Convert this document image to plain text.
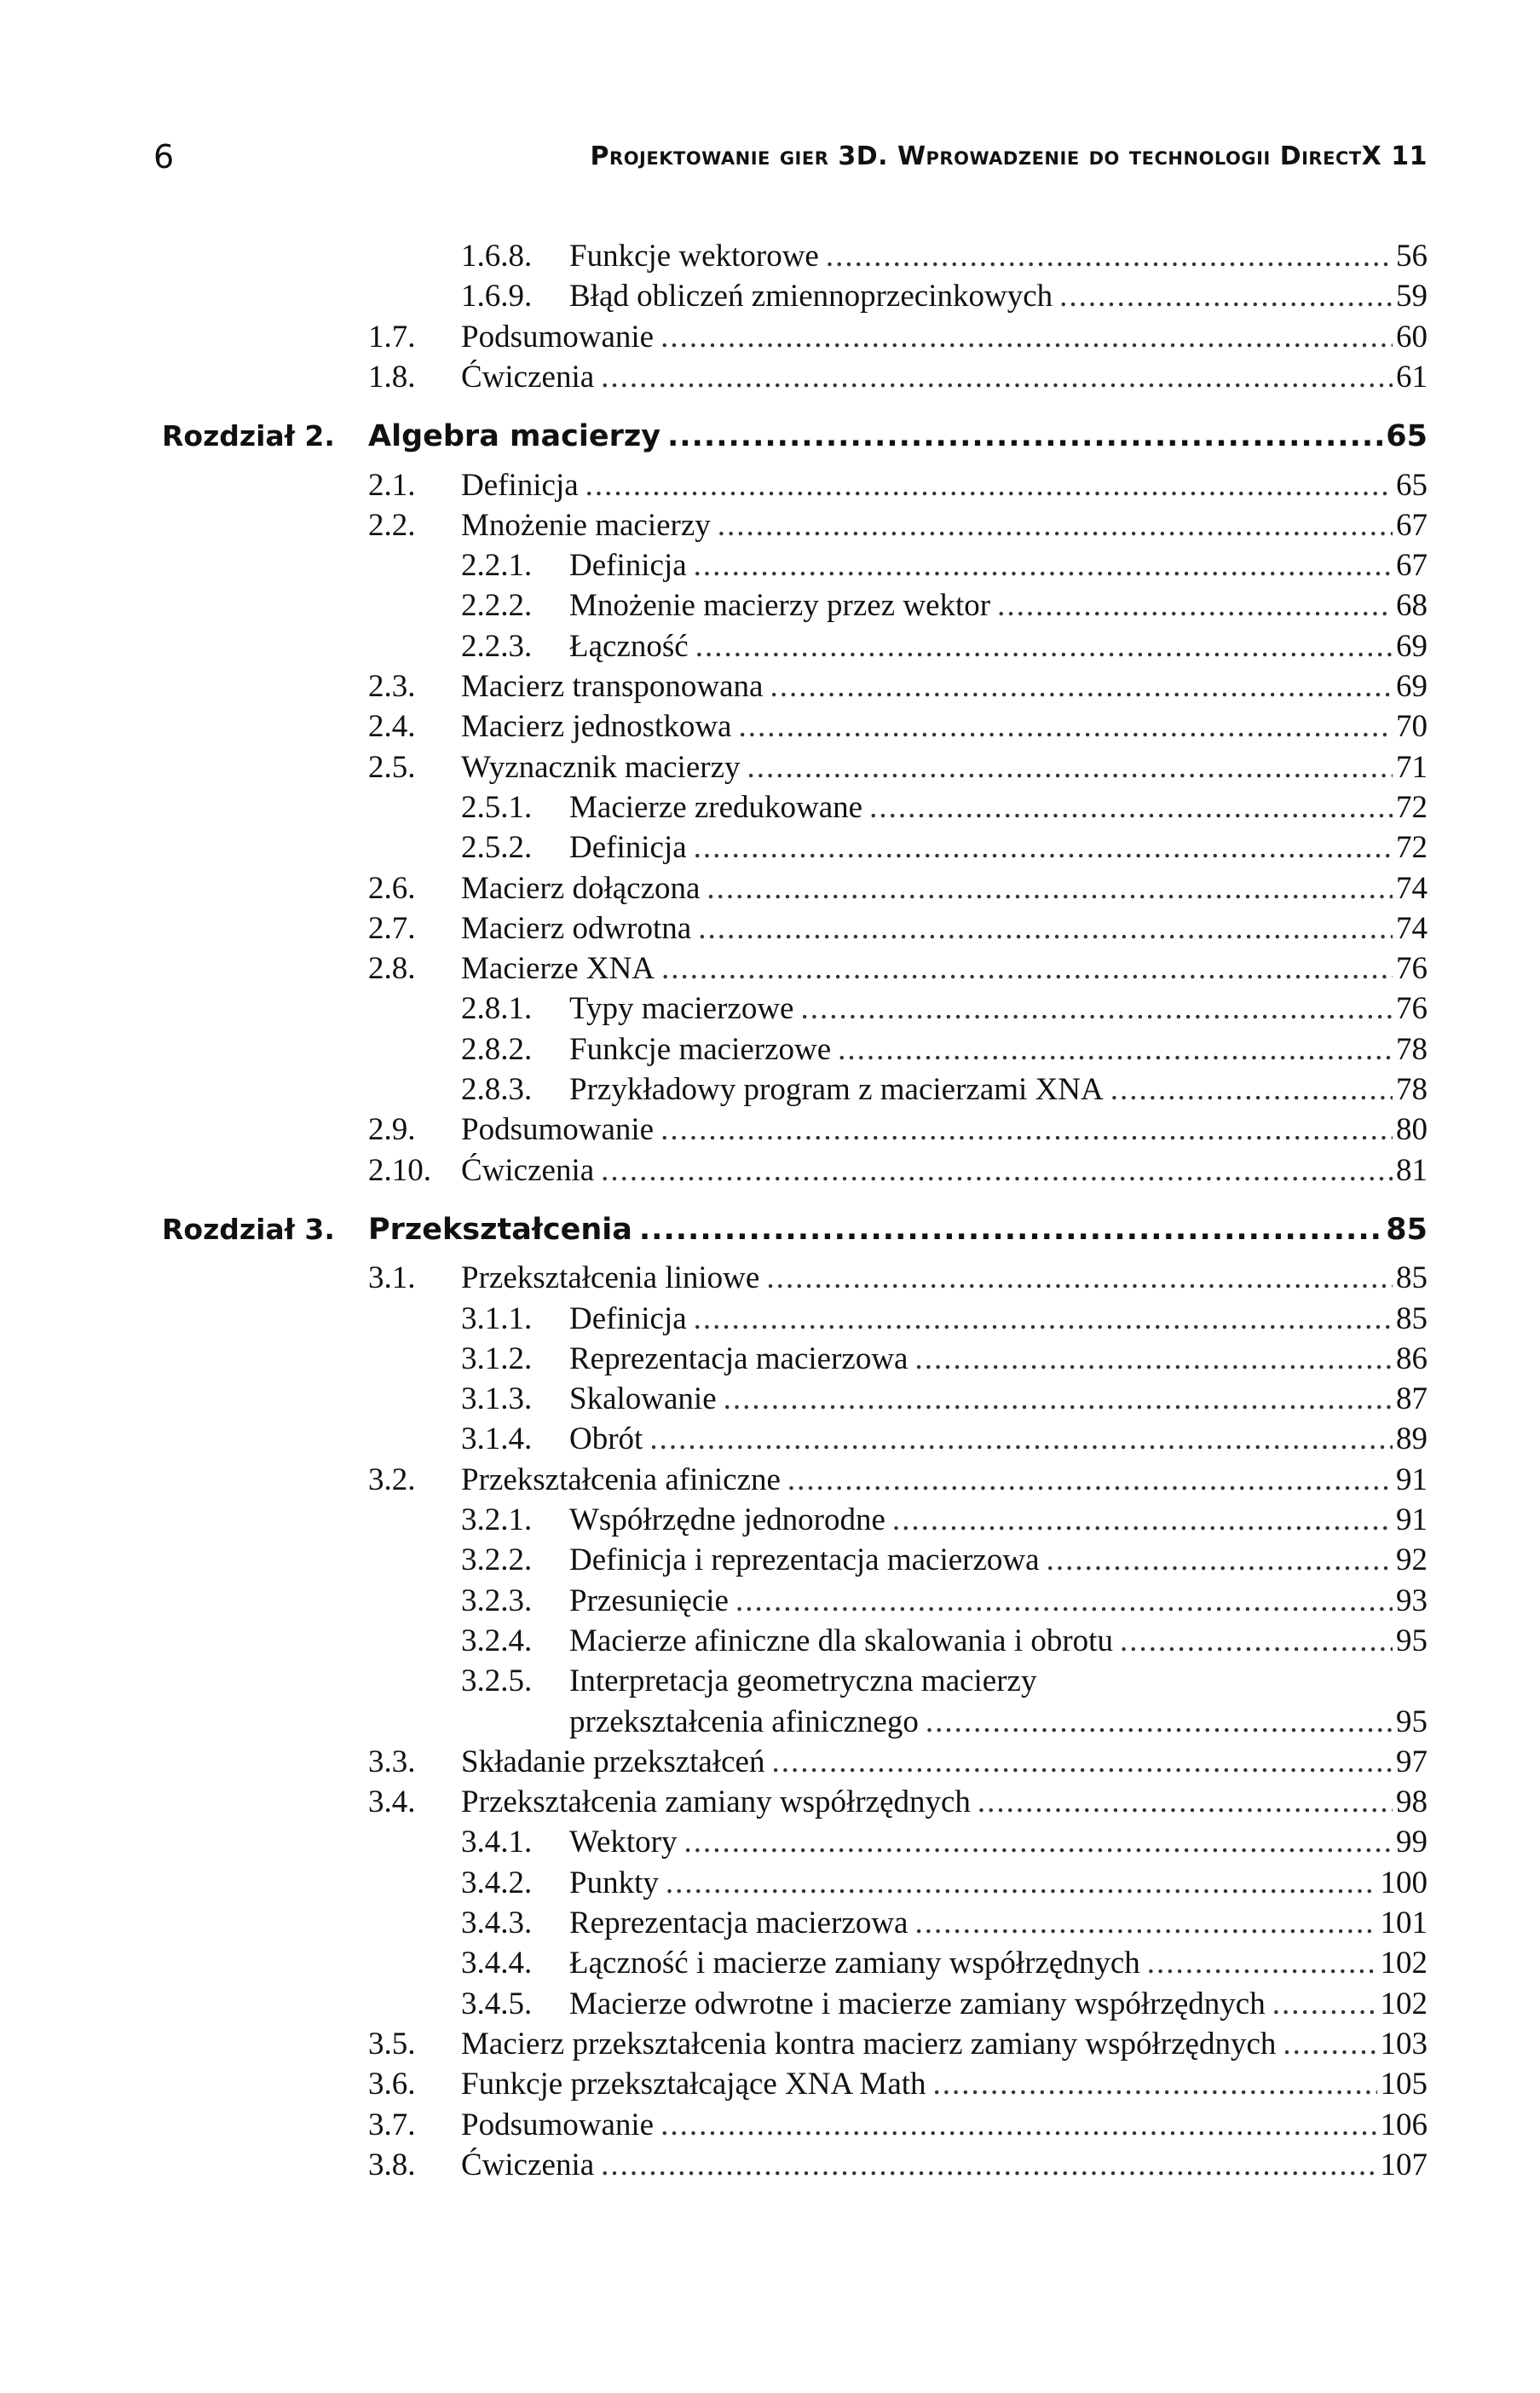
6	Projektowanie gier 3D. Wprowadzenie do technologii DirectX 11
1.6.8. Funkcje wektorowe .....	56
1.6.9. Błąd obliczeń zmiennoprzecinkowych .....	59
1.7. Podsumowanie .....	60
1.8. Ćwiczenia .....	61
Rozdział 2. Algebra macierzy .....	65
2.1. Definicja .....	65
2.2. Mnożenie macierzy .....	67
2.2.1. Definicja .....	67
2.2.2. Mnożenie macierzy przez wektor .....	68
2.2.3. Łączność .....	69
2.3. Macierz transponowana .....	69
2.4. Macierz jednostkowa .....	70
2.5. Wyznacznik macierzy .....	71
2.5.1. Macierze zredukowane .....	72
2.5.2. Definicja .....	72
2.6. Macierz dołączona .....	74
2.7. Macierz odwrotna .....	74
2.8. Macierze XNA .....	76
2.8.1. Typy macierzowe .....	76
2.8.2. Funkcje macierzowe .....	78
2.8.3. Przykładowy program z macierzami XNA .....	78
2.9. Podsumowanie .....	80
2.10. Ćwiczenia .....	81
Rozdział 3. Przekształcenia .....	85
3.1. Przekształcenia liniowe .....	85
3.1.1. Definicja .....	85
3.1.2. Reprezentacja macierzowa .....	86
3.1.3. Skalowanie .....	87
3.1.4. Obrót .....	89
3.2. Przekształcenia afiniczne .....	91
3.2.1. Współrzędne jednorodne .....	91
3.2.2. Definicja i reprezentacja macierzowa .....	92
3.2.3. Przesunięcie .....	93
3.2.4. Macierze afiniczne dla skalowania i obrotu .....	95
3.2.5. Interpretacja geometryczna macierzy
przekształcenia afinicznego .....	95
3.3. Składanie przekształceń .....	97
3.4. Przekształcenia zamiany współrzędnych .....	98
3.4.1. Wektory .....	99
3.4.2. Punkty .....	100
3.4.3. Reprezentacja macierzowa .....	101
3.4.4. Łączność i macierze zamiany współrzędnych .....	102
3.4.5. Macierze odwrotne i macierze zamiany współrzędnych .....	102
3.5. Macierz przekształcenia kontra macierz zamiany współrzędnych .....	103
3.6. Funkcje przekształcające XNA Math .....	105
3.7. Podsumowanie .....	106
3.8. Ćwiczenia .....	107
